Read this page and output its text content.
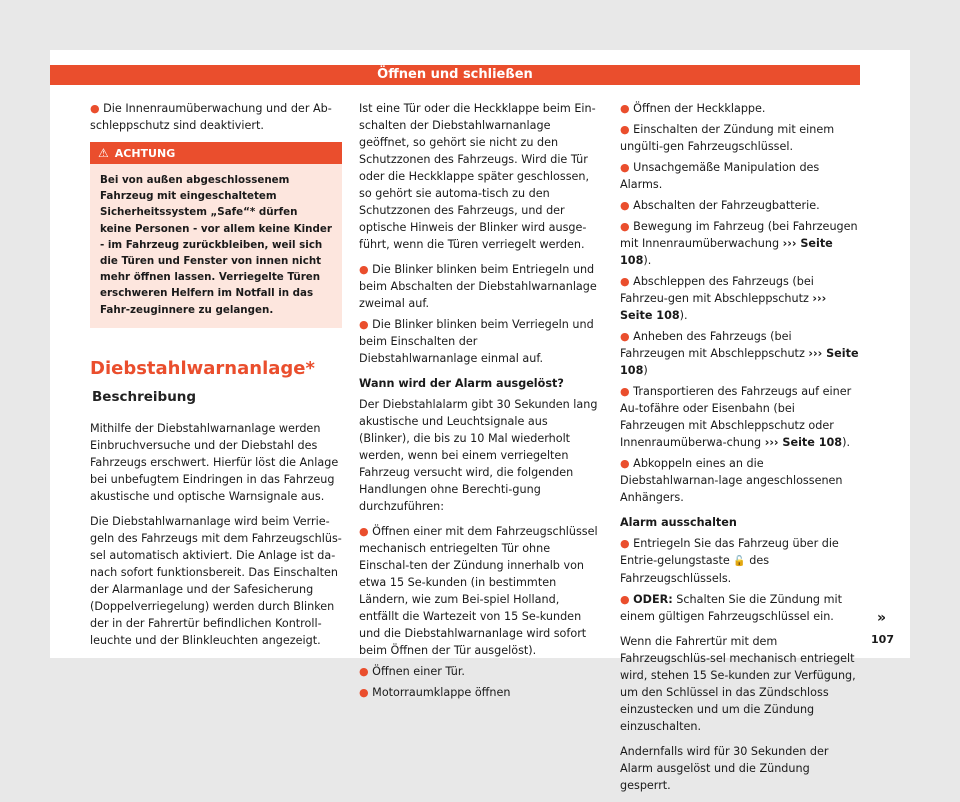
Öffnen und schließen

● Die Innenraumüberwachung und der Ab-schleppschutz sind deaktiviert.

⚠ ACHTUNG
Bei von außen abgeschlossenem Fahrzeug mit eingeschaltetem Sicherheitssystem „Safe“* dürfen keine Personen - vor allem keine Kinder - im Fahrzeug zurückbleiben, weil sich die Türen und Fenster von innen nicht mehr öffnen lassen. Verriegelte Türen erschweren Helfern im Notfall in das Fahr-zeuginnere zu gelangen.
Diebstahlwarnanlage*
Beschreibung

Mithilfe der Diebstahlwarnanlage werden Einbruchversuche und der Diebstahl des Fahrzeugs erschwert. Hierfür löst die Anlage bei unbefugtem Eindringen in das Fahrzeug akustische und optische Warnsignale aus.

Die Diebstahlwarnanlage wird beim Verrie-geln des Fahrzeugs mit dem Fahrzeugschlüs-sel automatisch aktiviert. Die Anlage ist da-nach sofort funktionsbereit. Das Einschalten der Alarmanlage und der Safesicherung (Doppelverriegelung) werden durch Blinken der in der Fahrertür befindlichen Kontroll-leuchte und der Blinkleuchten angezeigt.

Ist eine Tür oder die Heckklappe beim Ein-schalten der Diebstahlwarnanlage geöffnet, so gehört sie nicht zu den Schutzzonen des Fahrzeugs. Wird die Tür oder die Heckklappe später geschlossen, so gehört sie automa-tisch zu den Schutzzonen des Fahrzeugs, und der optische Hinweis der Blinker wird ausge-führt, wenn die Türen verriegelt werden.

● Die Blinker blinken beim Entriegeln und beim Abschalten der Diebstahlwarnanlage zweimal auf.

● Die Blinker blinken beim Verriegeln und beim Einschalten der Diebstahlwarnanlage einmal auf.

Wann wird der Alarm ausgelöst?

Der Diebstahlalarm gibt 30 Sekunden lang akustische und Leuchtsignale aus (Blinker), die bis zu 10 Mal wiederholt werden, wenn bei einem verriegelten Fahrzeug versucht wird, die folgenden Handlungen ohne Berechti-gung durchzuführen:

● Öffnen einer mit dem Fahrzeugschlüssel mechanisch entriegelten Tür ohne Einschal-ten der Zündung innerhalb von etwa 15 Se-kunden (in bestimmten Ländern, wie zum Bei-spiel Holland, entfällt die Wartezeit von 15 Se-kunden und die Diebstahlwarnanlage wird sofort beim Öffnen der Tür ausgelöst).

● Öffnen einer Tür.

● Motorraumklappe öffnen

● Öffnen der Heckklappe.

● Einschalten der Zündung mit einem ungülti-gen Fahrzeugschlüssel.

● Unsachgemäße Manipulation des Alarms.

● Abschalten der Fahrzeugbatterie.

● Bewegung im Fahrzeug (bei Fahrzeugen mit Innenraumüberwachung ››› Seite 108).

● Abschleppen des Fahrzeugs (bei Fahrzeu-gen mit Abschleppschutz ››› Seite 108).

● Anheben des Fahrzeugs (bei Fahrzeugen mit Abschleppschutz ››› Seite 108)

● Transportieren des Fahrzeugs auf einer Au-tofähre oder Eisenbahn (bei Fahrzeugen mit Abschleppschutz oder Innenraumüberwa-chung ››› Seite 108).

● Abkoppeln eines an die Diebstahlwarnan-lage angeschlossenen Anhängers.

Alarm ausschalten

● Entriegeln Sie das Fahrzeug über die Entrie-gelungstaste 🔓 des Fahrzeugschlüssels.

● ODER: Schalten Sie die Zündung mit einem gültigen Fahrzeugschlüssel ein.

Wenn die Fahrertür mit dem Fahrzeugschlüs-sel mechanisch entriegelt wird, stehen 15 Se-kunden zur Verfügung, um den Schlüssel in das Zündschloss einzustecken und um die Zündung einzuschalten.

Andernfalls wird für 30 Sekunden der Alarm ausgelöst und die Zündung gesperrt.

»
107
